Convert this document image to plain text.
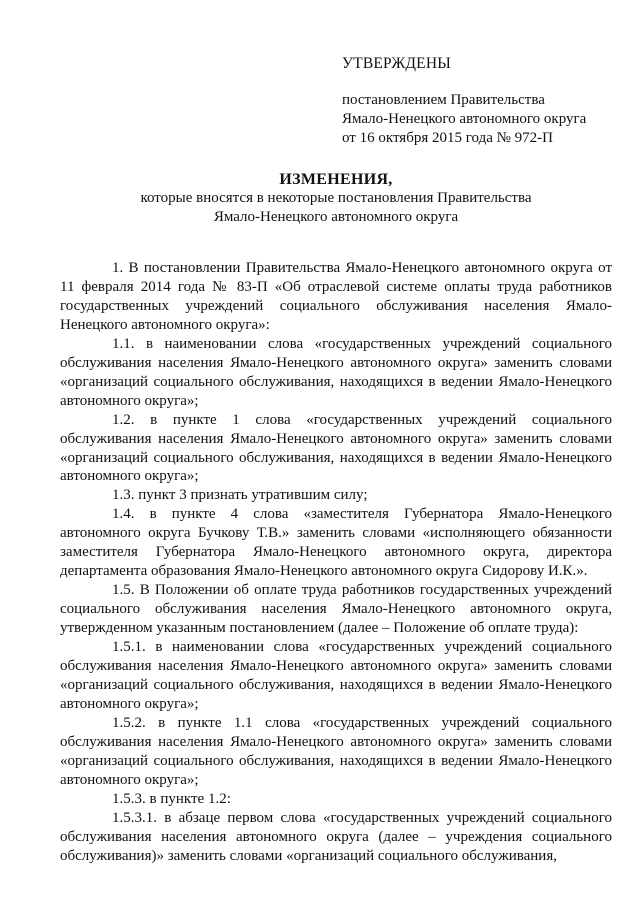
УТВЕРЖДЕНЫ
постановлением Правительства
Ямало-Ненецкого автономного округа
от 16 октября 2015 года № 972-П
ИЗМЕНЕНИЯ,
которые вносятся в некоторые постановления Правительства
Ямало-Ненецкого автономного округа

1. В постановлении Правительства Ямало-Ненецкого автономного округа от 11 февраля 2014 года № 83-П «Об отраслевой системе оплаты труда работников государственных учреждений социального обслуживания населения Ямало-Ненецкого автономного округа»:

1.1. в наименовании слова «государственных учреждений социального обслуживания населения Ямало-Ненецкого автономного округа» заменить словами «организаций социального обслуживания, находящихся в ведении Ямало-Ненецкого автономного округа»;

1.2. в пункте 1 слова «государственных учреждений социального обслуживания населения Ямало-Ненецкого автономного округа» заменить словами «организаций социального обслуживания, находящихся в ведении Ямало-Ненецкого автономного округа»;

1.3. пункт 3 признать утратившим силу;

1.4. в пункте 4 слова «заместителя Губернатора Ямало-Ненецкого автономного округа Бучкову Т.В.» заменить словами «исполняющего обязанности заместителя Губернатора Ямало-Ненецкого автономного округа, директора департамента образования Ямало-Ненецкого автономного округа Сидорову И.К.».

1.5. В Положении об оплате труда работников государственных учреждений социального обслуживания населения Ямало-Ненецкого автономного округа, утвержденном указанным постановлением (далее – Положение об оплате труда):

1.5.1. в наименовании слова «государственных учреждений социального обслуживания населения Ямало-Ненецкого автономного округа» заменить словами «организаций социального обслуживания, находящихся в ведении Ямало-Ненецкого автономного округа»;

1.5.2. в пункте 1.1 слова «государственных учреждений социального обслуживания населения Ямало-Ненецкого автономного округа» заменить словами «организаций социального обслуживания, находящихся в ведении Ямало-Ненецкого автономного округа»;

1.5.3. в пункте 1.2:

1.5.3.1. в абзаце первом слова «государственных учреждений социального обслуживания населения автономного округа (далее – учреждения социального обслуживания)» заменить словами «организаций социального обслуживания,
